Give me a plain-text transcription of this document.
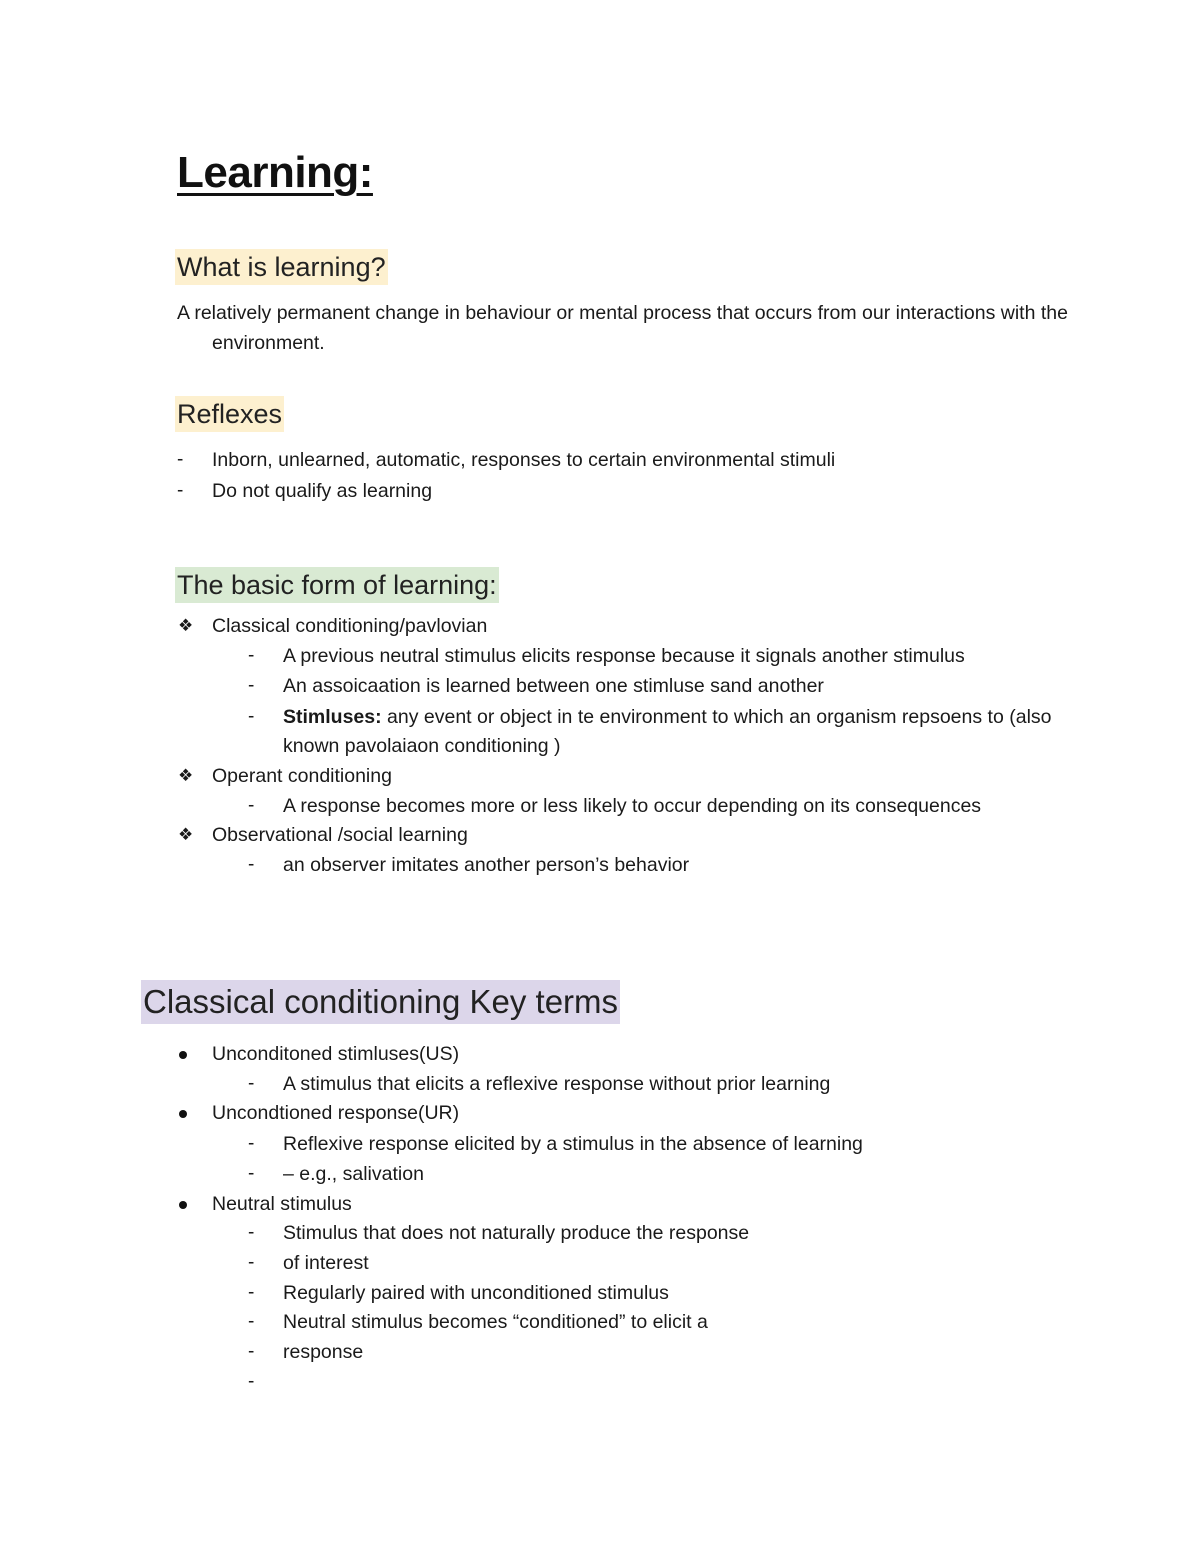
Learning:
What is learning?
A relatively permanent change in behaviour or mental process that occurs from our interactions with the
environment.
Reflexes
- Inborn, unlearned, automatic, responses to certain environmental stimuli
- Do not qualify as learning
The basic form of learning:
❖ Classical conditioning/pavlovian
- A previous neutral stimulus elicits response because it signals another stimulus
- An assoicaation is learned between one stimluse sand another
- Stimluses: any event or object in te environment to which an organism repsoens to (also
known pavolaiaon conditioning )
❖ Operant conditioning
- A response becomes more or less likely to occur depending on its consequences
❖ Observational /social learning
- an observer imitates another person’s behavior
Classical conditioning Key terms
Unconditoned stimluses(US)
- A stimulus that elicits a reflexive response without prior learning
Uncondtioned response(UR)
- Reflexive response elicited by a stimulus in the absence of learning
- – e.g., salivation
Neutral stimulus
- Stimulus that does not naturally produce the response
- of interest
- Regularly paired with unconditioned stimulus
- Neutral stimulus becomes “conditioned” to elicit a
- response
-
